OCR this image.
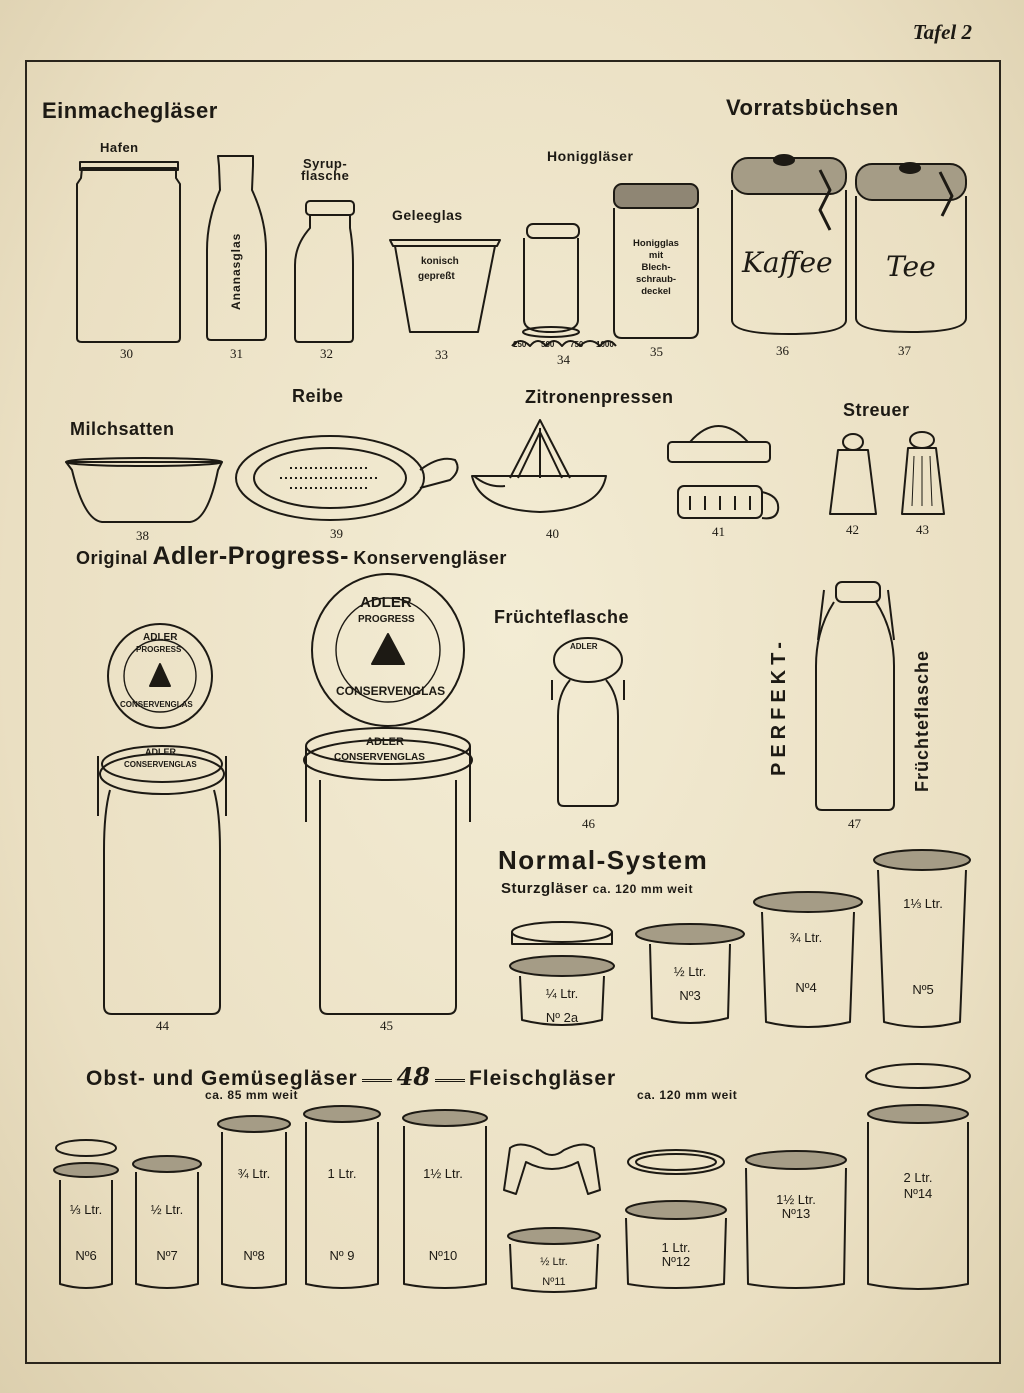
Tafel 2
Einmachegläser	Vorratsbüchsen
Hafen
Syrup-
flasche
Ananasglas
Geleeglas
konisch
gepreßt
Honiggläser
Honigglas
mit
Blech-
schraub-
deckel
250 500 750 1000
Kaffee Tee
30	31	32	33	34
35	36	37
Milchsatten
Reibe	Zitronenpressen
Streuer
38	39	40	41	42	43
Original Adler-Progress- Konservengläser
ADLER
PROGRESS
CONSERVENGLAS
ADLER
PROGRESS
CONSERVENGLAS
ADLER
CONSERVENGLAS
ADLER
CONSERVENGLAS
44	45
Früchteflasche
ADLER
46
PERFEKT-	Früchteflasche
47
Normal-System
Sturzgläser ca. 120 mm weit
¼ Ltr.
Nº 2a
½ Ltr.
Nº3
¾ Ltr.
Nº4
1⅓ Ltr.
Nº5
Obst- und Gemüsegläser 48 Fleischgläser
ca. 85 mm weit	ca. 120 mm weit
⅓ Ltr.
Nº6
½ Ltr.
Nº7
¾ Ltr.
Nº8
1 Ltr.
Nº 9
1½ Ltr.
Nº10	½ Ltr.
Nº11
1 Ltr.
Nº12
1½ Ltr.
Nº13
2 Ltr.
Nº14
